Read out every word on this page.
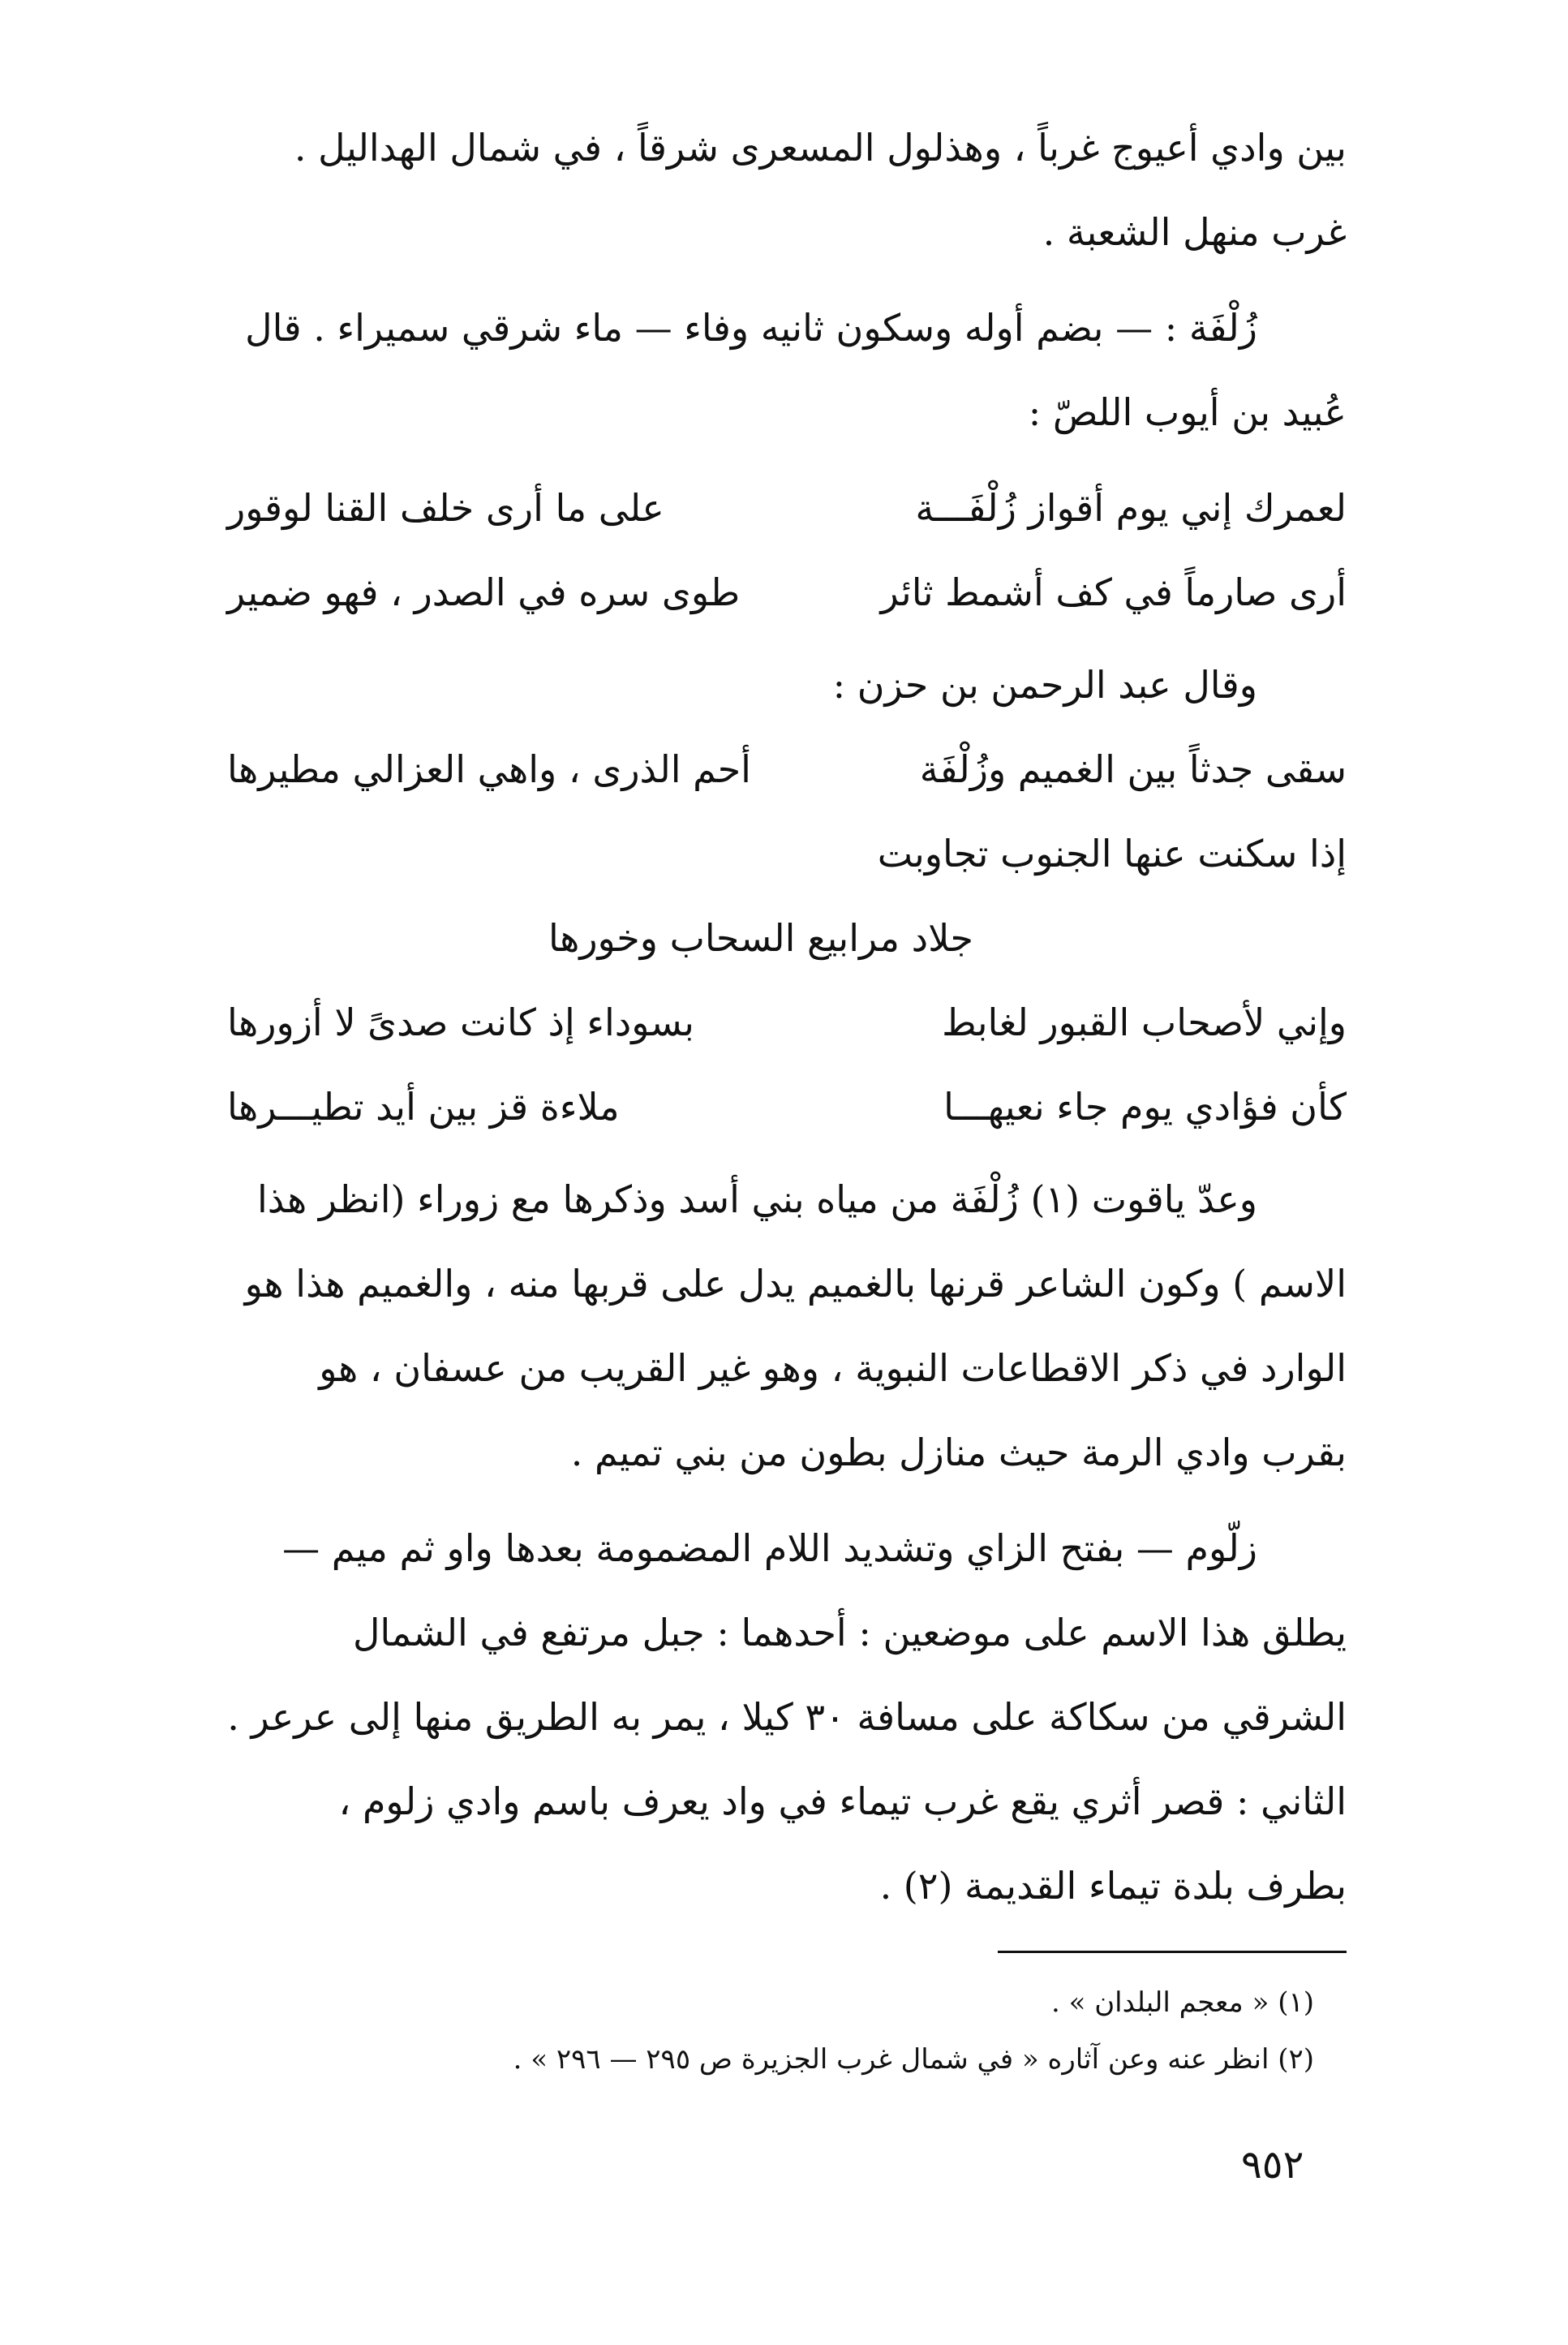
بين وادي أعيوج غرباً ، وهذلول المسعرى شرقاً ، في شمال الهداليل . غرب منهل الشعبة .

زُلْفَة : — بضم أوله وسكون ثانيه وفاء — ماء شرقي سميراء . قال عُبيد بن أيوب اللصّ :

لعمرك إني يوم أقواز زُلْفَـــة
على ما أرى خلف القنا لوقور
أرى صارماً في كف أشمط ثائر
طوى سره في الصدر ، فهو ضمير
وقال عبد الرحمن بن حزن :
سقى جدثاً بين الغميم وزُلْفَة
أحم الذرى ، واهي العزالي مطيرها
إذا سكنت عنها الجنوب تجاوبت
جلاد مرابيع السحاب وخورها
وإني لأصحاب القبور لغابط
بسوداء إذ كانت صدىً لا أزورها
كأن فؤادي يوم جاء نعيهـــا
ملاءة قز بين أيد تطيـــرها

وعدّ ياقوت (١) زُلْفَة من مياه بني أسد وذكرها مع زوراء (انظر هذا الاسم ) وكون الشاعر قرنها بالغميم يدل على قربها منه ، والغميم هذا هو الوارد في ذكر الاقطاعات النبوية ، وهو غير القريب من عسفان ، هو بقرب وادي الرمة حيث منازل بطون من بني تميم .

زلّوم — بفتح الزاي وتشديد اللام المضمومة بعدها واو ثم ميم — يطلق هذا الاسم على موضعين : أحدهما : جبل مرتفع في الشمال الشرقي من سكاكة على مسافة ٣٠ كيلا ، يمر به الطريق منها إلى عرعر . الثاني : قصر أثري يقع غرب تيماء في واد يعرف باسم وادي زلوم ، بطرف بلدة تيماء القديمة (٢) .

(١) « معجم البلدان » .
(٢) انظر عنه وعن آثاره « في شمال غرب الجزيرة ص ٢٩٥ — ٢٩٦ » .
٩٥٢
